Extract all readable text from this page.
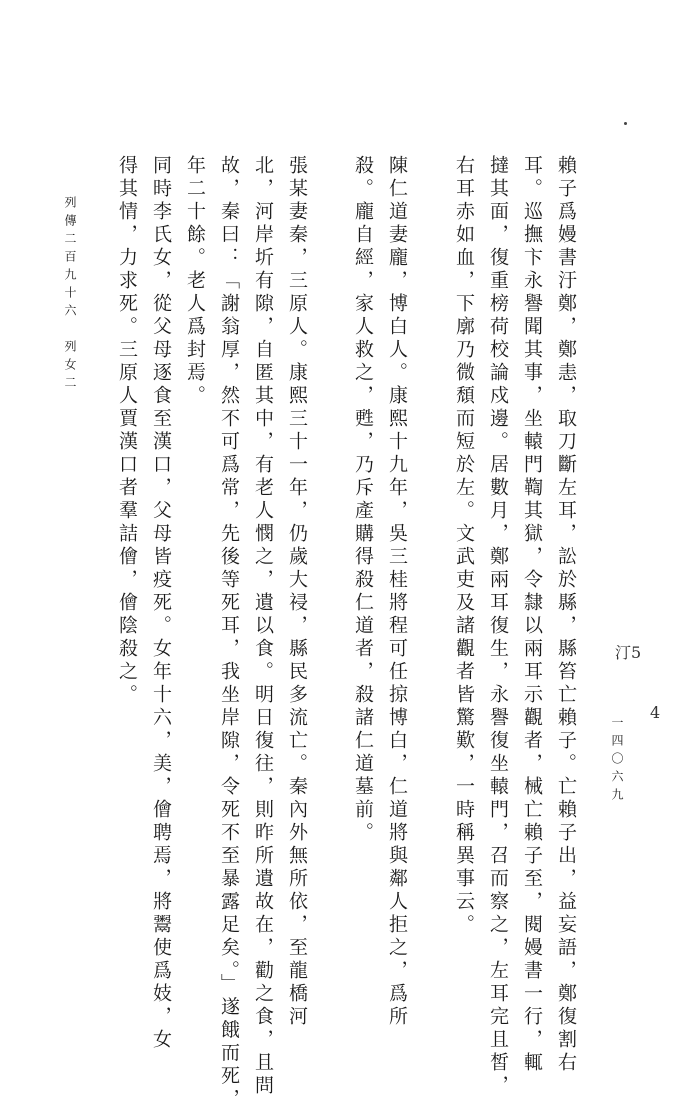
賴子爲嫚書汙鄭，鄭恚，取刀斷左耳，訟於縣，縣笞亡賴子。亡賴子出，益妄語，鄭復割右
耳。巡撫卞永譽聞其事，坐轅門鞫其獄，令隸以兩耳示觀者，械亡賴子至，閱嫚書一行，輒
撻其面，復重榜荷校論戍邊。居數月，鄭兩耳復生，永譽復坐轅門，召而察之，左耳完且皙，
右耳赤如血，下廓乃微頹而短於左。文武吏及諸觀者皆驚歎，一時稱異事云。
陳仁道妻龐，博白人。康熙十九年，吳三桂將程可任掠博白，仁道將與鄰人拒之，爲所
殺。龐自經，家人救之，甦，乃斥產購得殺仁道者，殺諸仁道墓前。
張某妻秦，三原人。康熙三十一年，仍歲大祲，縣民多流亡。秦內外無所依，至龍橋河
北，河岸圻有隙，自匿其中，有老人憫之，遺以食。明日復往，則昨所遺故在，勸之食，且問
故，秦曰：「謝翁厚，然不可爲常，先後等死耳，我坐岸隙，令死不至暴露足矣。」遂餓而死，
年二十餘。老人爲封焉。
同時李氏女，從父母逐食至漢口，父母皆疫死。女年十六，美，儈聘焉，將鬻使爲妓，女
得其情，力求死。三原人賈漢口者羣詰儈，儈陰殺之。
列傳二百九十六　列女二
一四〇六九
汀5
4
